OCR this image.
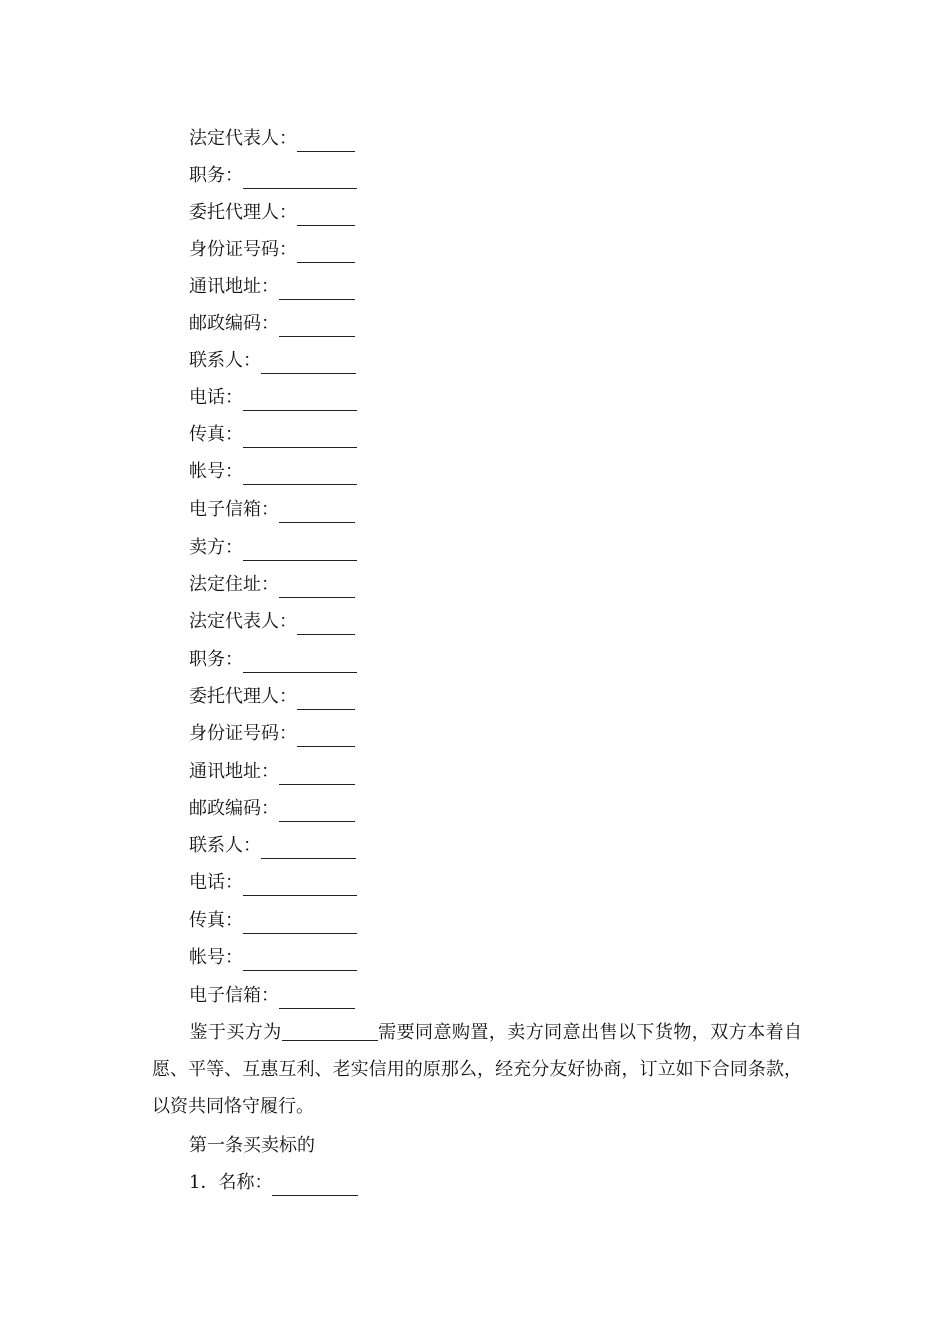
法定代表人：
职务：
委托代理人：
身份证号码：
通讯地址：
邮政编码：
联系人：
电话：
传真：
帐号：
电子信箱：
卖方：
法定住址：
法定代表人：
职务：
委托代理人：
身份证号码：
通讯地址：
邮政编码：
联系人：
电话：
传真：
帐号：
电子信箱：
鉴于买方为	需要同意购置，卖方同意出售以下货物，双方本着自愿、平等、互惠互利、老实信用的原那么，经充分友好协商，订立如下合同条款，以资共同恪守履行。
第一条买卖标的
1．名称：
